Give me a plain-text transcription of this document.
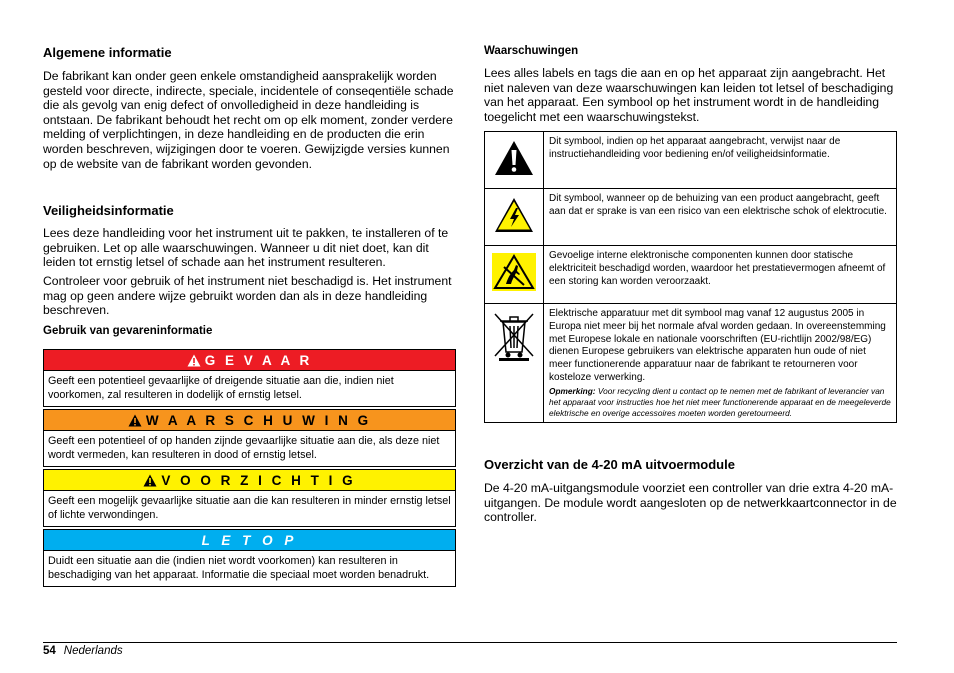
Algemene informatie

De fabrikant kan onder geen enkele omstandigheid aansprakelijk worden gesteld voor directe, indirecte, speciale, incidentele of conseqentiële schade die als gevolg van enig defect of onvolledigheid in deze handleiding is ontstaan. De fabrikant behoudt het recht om op elk moment, zonder verdere melding of verplichtingen, in deze handleiding en de producten die erin worden beschreven, wijzigingen door te voeren. Gewijzigde versies kunnen op de website van de fabrikant worden gevonden.

Veiligheidsinformatie

Lees deze handleiding voor het instrument uit te pakken, te installeren of te gebruiken. Let op alle waarschuwingen. Wanneer u dit niet doet, kan dit leiden tot ernstig letsel of schade aan het instrument resulteren.

Controleer voor gebruik of het instrument niet beschadigd is. Het instrument mag op geen andere wijze gebruikt worden dan als in deze handleiding beschreven.

Gebruik van gevareninformatie
G E V A A R
Geeft een potentieel gevaarlijke of dreigende situatie aan die, indien niet voorkomen, zal resulteren in dodelijk of ernstig letsel.
W A A R S C H U W I N G
Geeft een potentieel of op handen zijnde gevaarlijke situatie aan die, als deze niet wordt vermeden, kan resulteren in dood of ernstig letsel.
V O O R Z I C H T I G
Geeft een mogelijk gevaarlijke situatie aan die kan resulteren in minder ernstig letsel of lichte verwondingen.
L E T O P
Duidt een situatie aan die (indien niet wordt voorkomen) kan resulteren in beschadiging van het apparaat. Informatie die speciaal moet worden benadrukt.
Waarschuwingen

Lees alles labels en tags die aan en op het apparaat zijn aangebracht. Het niet naleven van deze waarschuwingen kan leiden tot letsel of beschadiging van het apparaat. Een symbool op het instrument wordt in de handleiding toegelicht met een waarschuwingstekst.

	Dit symbool, indien op het apparaat aangebracht, verwijst naar de instructiehandleiding voor bediening en/of veiligheidsinformatie.
	Dit symbool, wanneer op de behuizing van een product aangebracht, geeft aan dat er sprake is van een risico van een elektrische schok of elektrocutie.
	Gevoelige interne elektronische componenten kunnen door statische elektriciteit beschadigd worden, waardoor het prestatievermogen afneemt of een storing kan worden veroorzaakt.

Elektrische apparatuur met dit symbool mag vanaf 12 augustus 2005 in Europa niet meer bij het normale afval worden gedaan. In overeenstemming met Europese lokale en nationale voorschriften (EU-richtlijn 2002/98/EG) dienen Europese gebruikers van elektrische apparaten hun oude of niet meer functionerende apparatuur naar de fabrikant te retourneren voor kosteloze verwerking.
Opmerking: Voor recycling dient u contact op te nemen met de fabrikant of leverancier van het apparaat voor instructies hoe het niet meer functionerende apparaat en de meegeleverde elektrische en overige accessoires moeten worden geretourneerd.
Overzicht van de 4-20 mA uitvoermodule

De 4-20 mA-uitgangsmodule voorziet een controller van drie extra 4-20 mA-uitgangen. De module wordt aangesloten op de netwerkkaartconnector in de controller.

54 Nederlands
